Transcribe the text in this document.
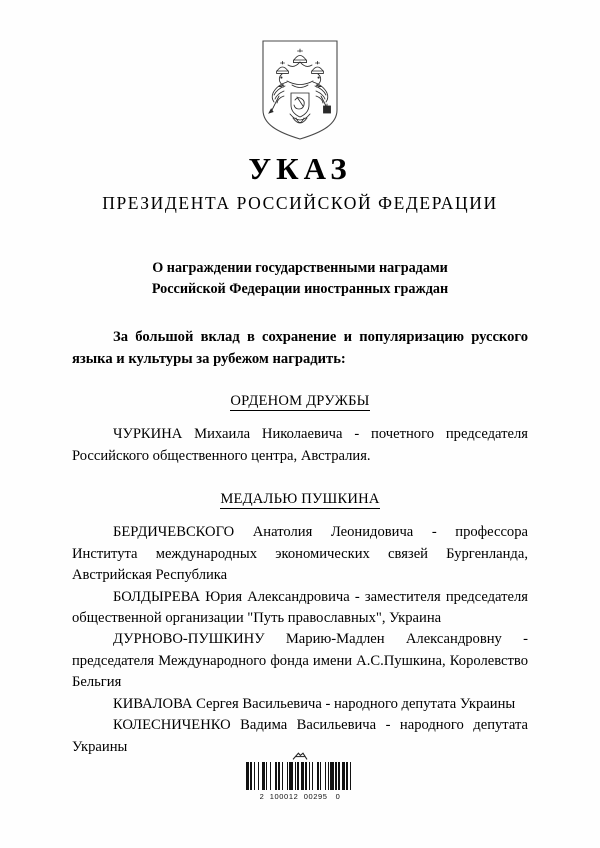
УКАЗ
ПРЕЗИДЕНТА РОССИЙСКОЙ ФЕДЕРАЦИИ
О награждении государственными наградами
Российской Федерации иностранных граждан

За большой вклад в сохранение и популяризацию русского языка и культуры за рубежом наградить:

ОРДЕНОМ ДРУЖБЫ
ЧУРКИНА Михаила Николаевича - почетного председателя Российского общественного центра, Австралия.
МЕДАЛЬЮ ПУШКИНА
БЕРДИЧЕВСКОГО Анатолия Леонидовича - профессора Института международных экономических связей Бургенланда, Австрийская Республика
БОЛДЫРЕВА Юрия Александровича - заместителя председателя общественной организации "Путь православных", Украина
ДУРНОВО-ПУШКИНУ Марию-Мадлен Александровну - председателя Международного фонда имени А.С.Пушкина, Королевство Бельгия
КИВАЛОВА Сергея Васильевича - народного депутата Украины
КОЛЕСНИЧЕНКО Вадима Васильевича - народного депутата Украины
2  100012  00295   0
